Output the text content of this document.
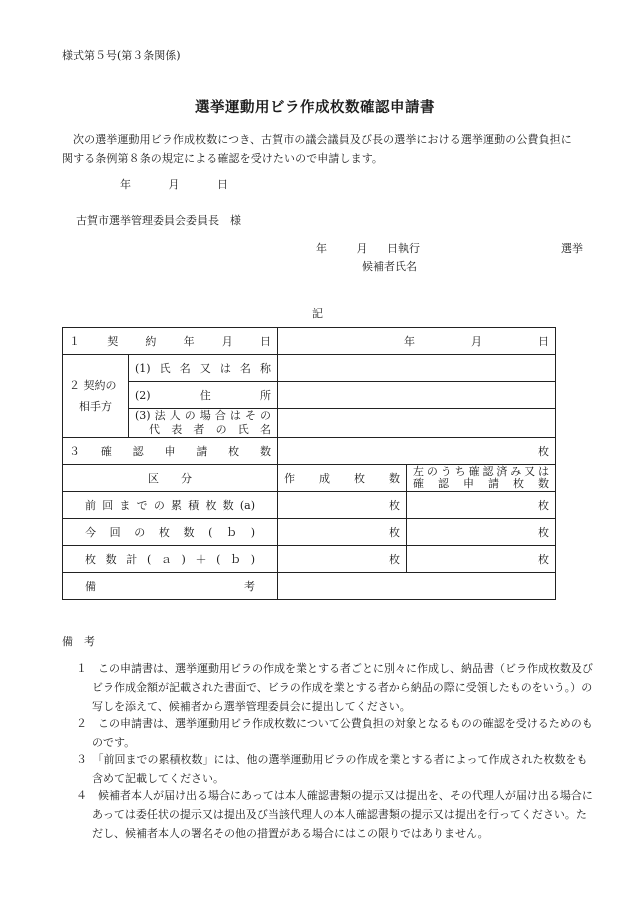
様式第５号(第３条関係)
選挙運動用ビラ作成枚数確認申請書
次の選挙運動用ビラ作成枚数につき、古賀市の議会議員及び長の選挙における選挙運動の公費負担に関する条例第８条の規定による確認を受けたいので申請します。
年	月	日
古賀市選挙管理委員会委員長　様
年	月 日執行	選挙
候補者氏名
記
１ 契 約 年 月 日		年 月 日	

２ 契約の
相手方	(1)氏名又は名称		

	(2)住所		

	(3)法人の場合はその
代表者の氏名		

３ 確 認 申 請 枚 数		枚	
区　　分		作 成 枚 数	左のうち確認済み又は
確認申請枚数

前回までの累積枚数(a)		枚	枚

今回の枚数(ｂ)		枚	枚

枚数計(ａ)＋(ｂ)		枚	枚

備　　考			

備　考
１　この申請書は、選挙運動用ビラの作成を業とする者ごとに別々に作成し、納品書（ビラ作成枚数及びビラ作成金額が記載された書面で、ビラの作成を業とする者から納品の際に受領したものをいう。）の写しを添えて、候補者から選挙管理委員会に提出してください。
２　この申請書は、選挙運動用ビラ作成枚数について公費負担の対象となるものの確認を受けるためのものです。
３　「前回までの累積枚数」には、他の選挙運動用ビラの作成を業とする者によって作成された枚数をも含めて記載してください。
４　候補者本人が届け出る場合にあっては本人確認書類の提示又は提出を、その代理人が届け出る場合にあっては委任状の提示又は提出及び当該代理人の本人確認書類の提示又は提出を行ってください。ただし、候補者本人の署名その他の措置がある場合にはこの限りではありません。
